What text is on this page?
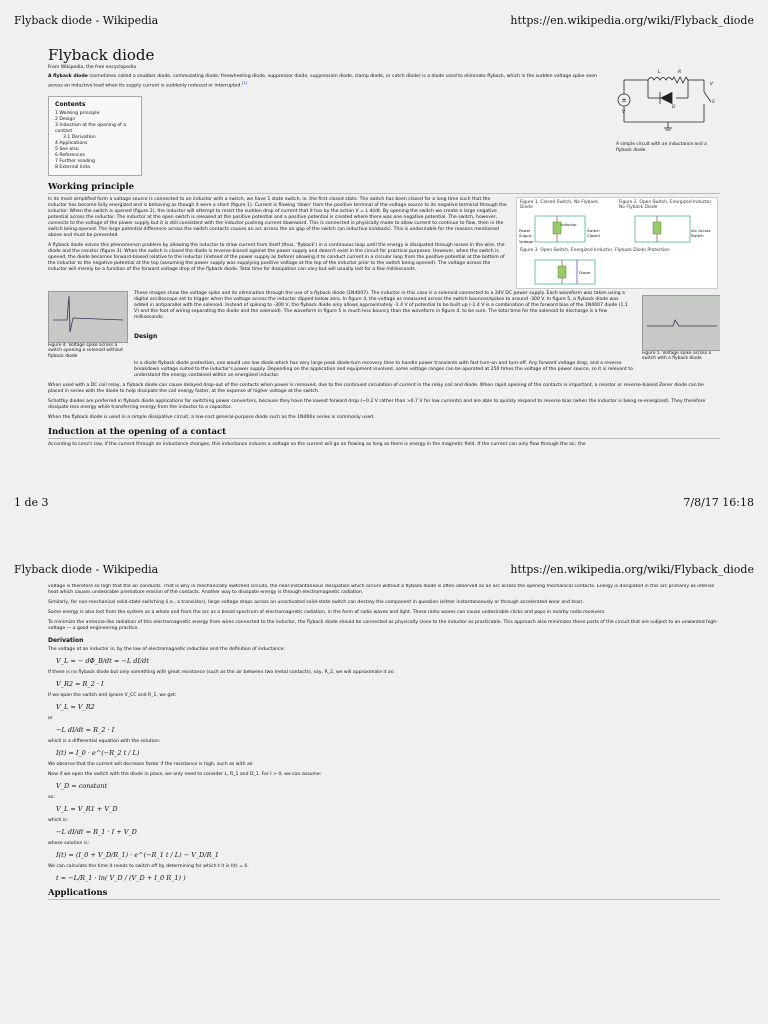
Flyback diode - Wikipedia	https://en.wikipedia.org/wiki/Flyback_diode
Flyback diode
From Wikipedia, the free encyclopedia
±
L	R
D
S
V
V
A simple circuit with an inductance and a flyback diode

A flyback diode (sometimes called a snubber diode, commutating diode, freewheeling diode, suppressor diode, suppression diode, clamp diode, or catch diode) is a diode used to eliminate flyback, which is the sudden voltage spike seen across an inductive load when its supply current is suddenly reduced or interrupted.[1]

Contents
1 Working principle
2 Design
3 Induction at the opening of a contact
3.1 Derivation
4 Applications
5 See also
6 References
7 Further reading
8 External links
Working principle

In its most simplified form a voltage source is connected to an inductor with a switch, we have 1 state switch, ie. the first closed state. The switch has been closed for a long time such that the inductor has become fully energized and is behaving as though it were a short (figure 1). Current is flowing 'down' from the positive terminal of the voltage source to its negative terminal through the inductor. When the switch is opened (figure 2), the inductor will attempt to resist the sudden drop of current that it has by the action V = L di/dt. By opening the switch we create a large negative potential across the inductor. The inductor at the open switch is released at the positive potential and a positive potential is created where there was one negative potential. The switch, however, connects to the voltage of the power supply but it is still consistent with the inductor pushing current downward. This is connected is physically made to allow current to continue to flow, then in the switch being opened. The large potential difference across the switch contacts causes an arc across the air gap of the switch (an inductive kickback). This is undesirable for the reasons mentioned above and must be prevented.

A flyback diode solves this phenomenon problem by allowing the inductor to draw current from itself (thus, 'flyback') in a continuous loop until the energy is dissipated through losses in the wire, the diode and the resistor (figure 3). When the switch is closed the diode is reverse-biased against the power supply and doesn't exist in the circuit for practical purposes. However, when the switch is opened, the diode becomes forward-biased relative to the inductor (instead of the power supply as before) allowing it to conduct current in a circular loop from the positive potential at the bottom of the inductor to the negative potential at the top (assuming the power supply was supplying positive voltage at the top of the inductor prior to the switch being opened). The voltage across the inductor will merely be a function of the forward voltage drop of the flyback diode. Total time for dissipation can vary but will usually last for a few milliseconds.

Figure 1. Closed Switch, No Flyback Diode
Figure 2. Open Switch, Energized Inductor, No Flyback Diode
Figure 3. Open Switch, Energized Inductor, Flyback Diode Protection
Inductor
Power Supply Voltage
Switch Closed
Arc Across Switch
Diode
Figure 4. Voltage spike across a switch opening a solenoid without flyback diode

These images show the voltage spike and its elimination through the use of a flyback diode (1N4007). The inductor in this case is a solenoid connected to a 24V DC power supply. Each waveform was taken using a digital oscilloscope set to trigger when the voltage across the inductor dipped below zero. In figure 4, the voltage as measured across the switch bounces/spikes to around -300 V. In figure 5, a flyback diode was added in antiparallel with the solenoid. Instead of spiking to -300 V, the flyback diode only allows approximately -1.4 V of potential to be built up (-1.4 V is a combination of the forward bias of the 1N4007 diode (1.1 V) and the foot of wiring separating the diode and the solenoid). The waveform in figure 5 is much less bouncy than the waveform in figure 4, to be sure. The total time for the solenoid to discharge is a few milliseconds.

Figure 5. Voltage spike across a switch with a flyback diode
Design

In a diode flyback diode protection, one would use low diode which has very large peak diode-turn recovery time to handle power transients with fast turn-on and turn-off. Any forward voltage drop, and a reverse breakdown voltage suited to the inductor's power supply. Depending on the application and equipment involved, some voltage ranges can be operated at 250 times the voltage of the power source, so it is relevant to understand the energy contained within an energized inductor.

When used with a DC coil relay, a flyback diode can cause delayed drop-out of the contacts when power is removed, due to the continued circulation of current in the relay coil and diode. When rapid opening of the contacts is important, a resistor or reverse-biased Zener diode can be placed in series with the diode to help dissipate the coil energy faster, at the expense of higher voltage at the switch.

Schottky diodes are preferred in flyback diode applications for switching power converters, because they have the lowest forward drop (~0.2 V rather than >0.7 V for low currents) and are able to quickly respond to reverse bias (when the inductor is being re-energized). They therefore dissipate less energy while transferring energy from the inductor to a capacitor.

When the flyback diode is used in a simple dissipative circuit, a low-cost general-purpose diode such as the 1N400x series is commonly used.

Induction at the opening of a contact

According to Lenz's law, if the current through an inductance changes, this inductance induces a voltage so the current will go on flowing as long as there is energy in the magnetic field. If the current can only flow through the air, the

1 de 3	7/8/17 16:18
Flyback diode - Wikipedia	https://en.wikipedia.org/wiki/Flyback_diode

voltage is therefore so high that the air conducts. That is why in mechanically switched circuits, the near-instantaneous dissipation which occurs without a flyback diode is often observed as an arc across the opening mechanical contacts. Energy is dissipated in this arc primarily as intense heat which causes undesirable premature erosion of the contacts. Another way to dissipate energy is through electromagnetic radiation.

Similarly, for non-mechanical solid-state switching (i.e., a transistor), large voltage drops across an unactivated solid-state switch can destroy the component in question (either instantaneously or through accelerated wear and tear).

Some energy is also lost from the system as a whole and from the arc as a broad spectrum of electromagnetic radiation, in the form of radio waves and light. These radio waves can cause undesirable clicks and pops in nearby radio receivers.

To minimize the antenna-like radiation of this electromagnetic energy from wires connected to the inductor, the flyback diode should be connected as physically close to the inductor as practicable. This approach also minimizes those parts of the circuit that are subject to an unwanted high-voltage — a good engineering practice.

Derivation

The voltage at an inductor is, by the law of electromagnetic induction and the definition of inductance:

V_L = − dΦ_B/dt = −L dI/dt

If there is no flyback diode but only something with great resistance (such as the air between two metal contacts), say, R_2, we will approximate it as:

V_R2 = R_2 · I

If we open the switch and ignore V_CC and R_1, we get:

V_L = V_R2

or

−L dI/dt = R_2 · I

which is a differential equation with the solution:

I(t) = I_0 · e^(−R_2 t / L)

We observe that the current will decrease faster if the resistance is high, such as with air.

Now if we open the switch with the diode in place, we only need to consider L, R_1 and D_1. For I > 0, we can assume:

V_D = constant

so:

V_L = V_R1 + V_D

which is:

−L dI/dt = R_1 · I + V_D

whose solution is:

I(t) = (I_0 + V_D/R_1) · e^(−R_1 t / L) − V_D/R_1

We can calculate the time it needs to switch off by determining for which t it is I(t) = 0.

t = −L/R_1 · ln( V_D / (V_D + I_0 R_1) )
Applications
